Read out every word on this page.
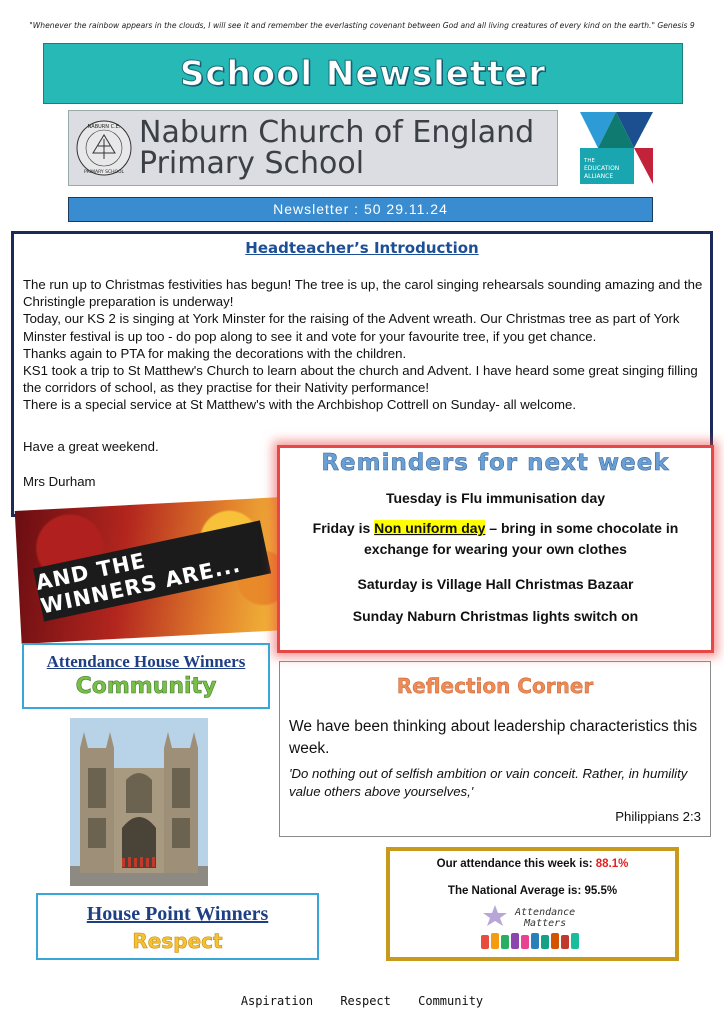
"Whenever the rainbow appears in the clouds, I will see it and remember the everlasting covenant between God and all living creatures of every kind on the earth." Genesis 9
School Newsletter
NABURN C.E.
PRIMARY SCHOOL
Naburn Church of England
Primary School	THE
EDUCATION
ALLIANCE
Newsletter : 50 29.11.24
Headteacher’s Introduction

The run up to Christmas festivities has begun! The tree is up, the carol singing rehearsals sounding amazing and the Christingle preparation is underway!

Today, our KS 2 is singing at York Minster for the raising of the Advent wreath. Our Christmas tree as part of York Minster festival is up too - do pop along to see it and vote for your favourite tree, if you get chance.

Thanks again to PTA for making the decorations with the children.

KS1 took a trip to St Matthew's Church to learn about the church and Advent. I have heard some great singing filling the corridors of school, as they practise for their Nativity performance!

There is a special service at St Matthew's with the Archbishop Cottrell on Sunday- all welcome.

Have a great weekend.
Mrs Durham
AND THE WINNERS ARE...
Reminders for next week
Tuesday is Flu immunisation day
Friday is Non uniform day – bring in some chocolate in exchange for wearing your own clothes
Saturday is Village Hall Christmas Bazaar
Sunday Naburn Christmas lights switch on
Attendance House Winners
Community	Reflection Corner
We have been thinking about leadership characteristics this week.
'Do nothing out of selfish ambition or vain conceit. Rather, in humility value others above yourselves,'
Philippians 2:3
Our attendance this week is: 88.1%
The National Average is: 95.5%
Attendance
Matters
House Point Winners
Respect
Aspiration Respect Community
